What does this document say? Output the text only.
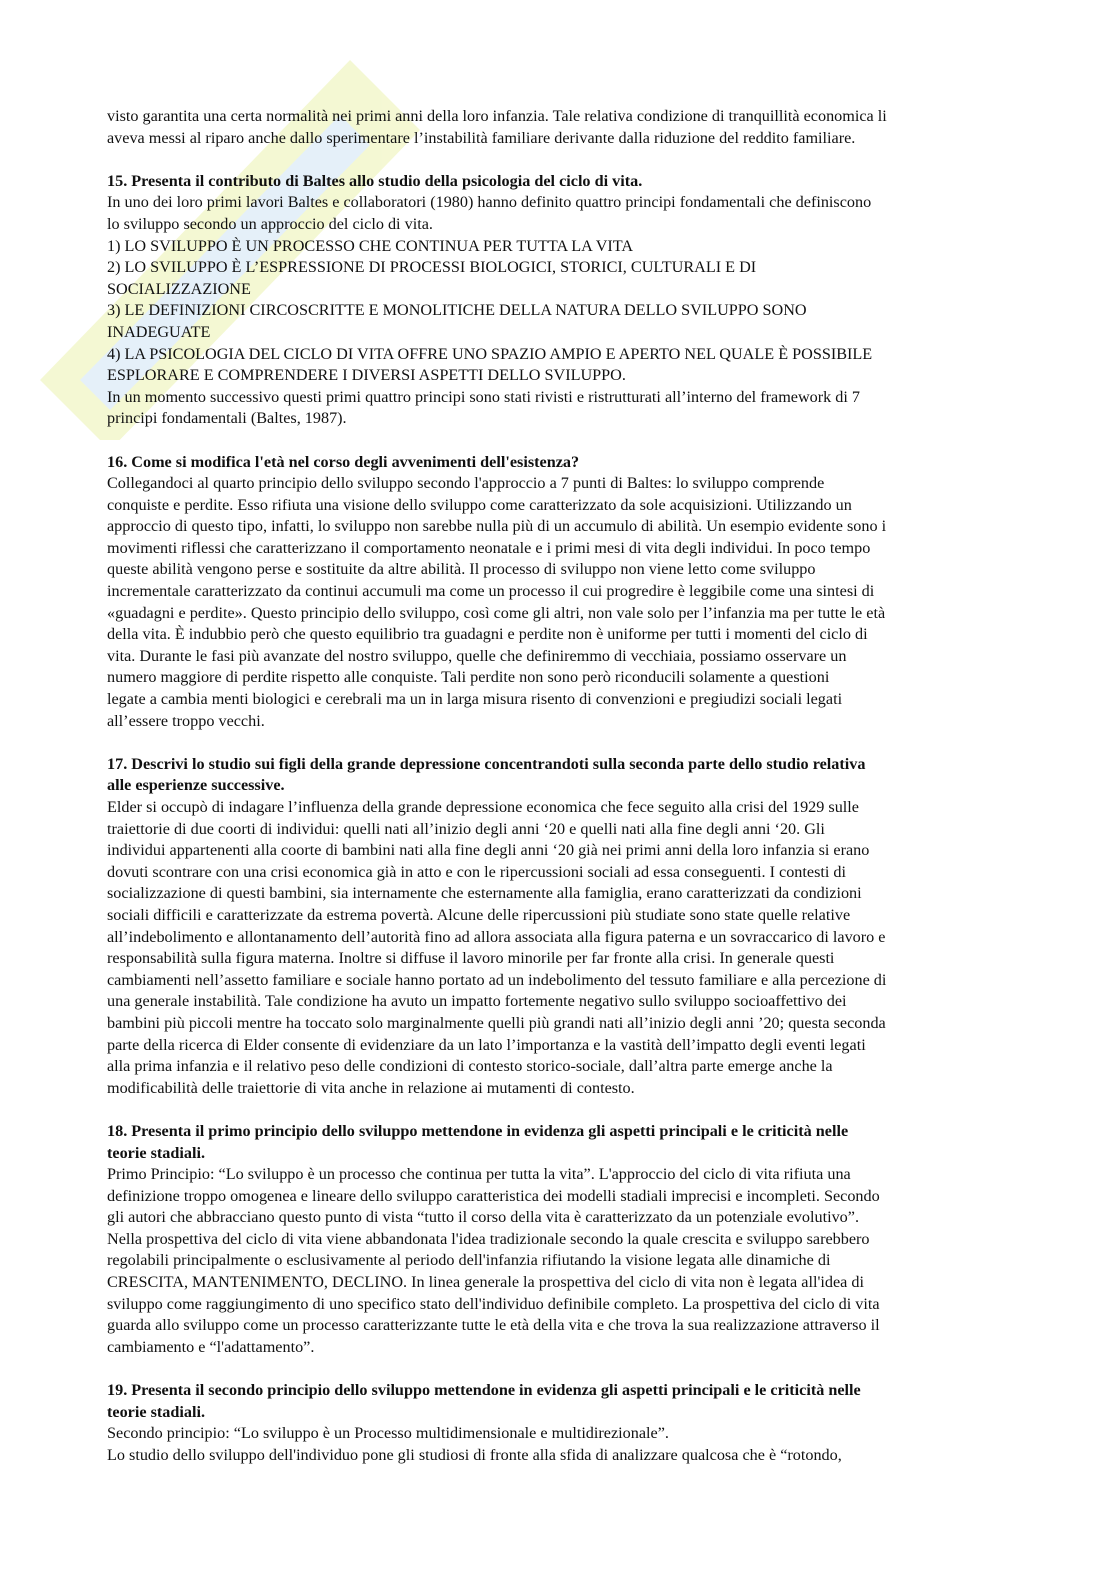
visto garantita una certa normalità nei primi anni della loro infanzia. Tale relativa condizione di tranquillità economica li
aveva messi al riparo anche dallo sperimentare l’instabilità familiare derivante dalla riduzione del reddito familiare.
15. Presenta il contributo di Baltes allo studio della psicologia del ciclo di vita.
In uno dei loro primi lavori Baltes e collaboratori (1980) hanno definito quattro principi fondamentali che definiscono
lo sviluppo secondo un approccio del ciclo di vita.
1) LO SVILUPPO È UN PROCESSO CHE CONTINUA PER TUTTA LA VITA
2) LO SVILUPPO È L’ESPRESSIONE DI PROCESSI BIOLOGICI, STORICI, CULTURALI E DI
SOCIALIZZAZIONE
3) LE DEFINIZIONI CIRCOSCRITTE E MONOLITICHE DELLA NATURA DELLO SVILUPPO SONO
INADEGUATE
4) LA PSICOLOGIA DEL CICLO DI VITA OFFRE UNO SPAZIO AMPIO E APERTO NEL QUALE È POSSIBILE
ESPLORARE E COMPRENDERE I DIVERSI ASPETTI DELLO SVILUPPO.
In un momento successivo questi primi quattro principi sono stati rivisti e ristrutturati all’interno del framework di 7
principi fondamentali (Baltes, 1987).
16. Come si modifica l'età nel corso degli avvenimenti dell'esistenza?
Collegandoci al quarto principio dello sviluppo secondo l'approccio a 7 punti di Baltes: lo sviluppo comprende
conquiste e perdite. Esso rifiuta una visione dello sviluppo come caratterizzato da sole acquisizioni. Utilizzando un
approccio di questo tipo, infatti, lo sviluppo non sarebbe nulla più di un accumulo di abilità. Un esempio evidente sono i
movimenti riflessi che caratterizzano il comportamento neonatale e i primi mesi di vita degli individui. In poco tempo
queste abilità vengono perse e sostituite da altre abilità. Il processo di sviluppo non viene letto come sviluppo
incrementale caratterizzato da continui accumuli ma come un processo il cui progredire è leggibile come una sintesi di
«guadagni e perdite». Questo principio dello sviluppo, così come gli altri, non vale solo per l’infanzia ma per tutte le età
della vita. È indubbio però che questo equilibrio tra guadagni e perdite non è uniforme per tutti i momenti del ciclo di
vita. Durante le fasi più avanzate del nostro sviluppo, quelle che definiremmo di vecchiaia, possiamo osservare un
numero maggiore di perdite rispetto alle conquiste. Tali perdite non sono però riconducili solamente a questioni
legate a cambia menti biologici e cerebrali ma un in larga misura risento di convenzioni e pregiudizi sociali legati
all’essere troppo vecchi.
17. Descrivi lo studio sui figli della grande depressione concentrandoti sulla seconda parte dello studio relativa
alle esperienze successive.
Elder si occupò di indagare l’influenza della grande depressione economica che fece seguito alla crisi del 1929 sulle
traiettorie di due coorti di individui: quelli nati all’inizio degli anni ‘20 e quelli nati alla fine degli anni ‘20. Gli
individui appartenenti alla coorte di bambini nati alla fine degli anni ‘20 già nei primi anni della loro infanzia si erano
dovuti scontrare con una crisi economica già in atto e con le ripercussioni sociali ad essa conseguenti. I contesti di
socializzazione di questi bambini, sia internamente che esternamente alla famiglia, erano caratterizzati da condizioni
sociali difficili e caratterizzate da estrema povertà. Alcune delle ripercussioni più studiate sono state quelle relative
all’indebolimento e allontanamento dell’autorità fino ad allora associata alla figura paterna e un sovraccarico di lavoro e
responsabilità sulla figura materna. Inoltre si diffuse il lavoro minorile per far fronte alla crisi. In generale questi
cambiamenti nell’assetto familiare e sociale hanno portato ad un indebolimento del tessuto familiare e alla percezione di
una generale instabilità. Tale condizione ha avuto un impatto fortemente negativo sullo sviluppo socioaffettivo dei
bambini più piccoli mentre ha toccato solo marginalmente quelli più grandi nati all’inizio degli anni ’20; questa seconda
parte della ricerca di Elder consente di evidenziare da un lato l’importanza e la vastità dell’impatto degli eventi legati
alla prima infanzia e il relativo peso delle condizioni di contesto storico-sociale, dall’altra parte emerge anche la
modificabilità delle traiettorie di vita anche in relazione ai mutamenti di contesto.
18. Presenta il primo principio dello sviluppo mettendone in evidenza gli aspetti principali e le criticità nelle
teorie stadiali.
Primo Principio: “Lo sviluppo è un processo che continua per tutta la vita”. L'approccio del ciclo di vita rifiuta una
definizione troppo omogenea e lineare dello sviluppo caratteristica dei modelli stadiali imprecisi e incompleti. Secondo
gli autori che abbracciano questo punto di vista “tutto il corso della vita è caratterizzato da un potenziale evolutivo”.
Nella prospettiva del ciclo di vita viene abbandonata l'idea tradizionale secondo la quale crescita e sviluppo sarebbero
regolabili principalmente o esclusivamente al periodo dell'infanzia rifiutando la visione legata alle dinamiche di
CRESCITA, MANTENIMENTO, DECLINO. In linea generale la prospettiva del ciclo di vita non è legata all'idea di
sviluppo come raggiungimento di uno specifico stato dell'individuo definibile completo. La prospettiva del ciclo di vita
guarda allo sviluppo come un processo caratterizzante tutte le età della vita e che trova la sua realizzazione attraverso il
cambiamento e “l'adattamento”.
19. Presenta il secondo principio dello sviluppo mettendone in evidenza gli aspetti principali e le criticità nelle
teorie stadiali.
Secondo principio: “Lo sviluppo è un Processo multidimensionale e multidirezionale”.
Lo studio dello sviluppo dell'individuo pone gli studiosi di fronte alla sfida di analizzare qualcosa che è “rotondo,
